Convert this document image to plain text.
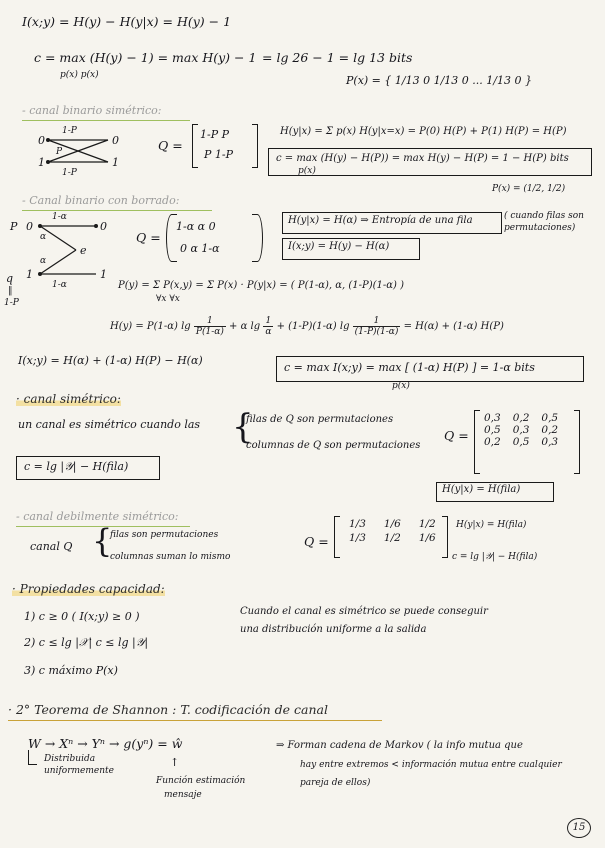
I(x;y) = H(y) − H(y|x) = H(y) − 1
c = max (H(y) − 1) = max H(y) − 1
p(x) p(x)
= lg 26 − 1 = lg 13 bits
P(x) = { 1/13 0 1/13 0 ... 1/13 0 }
- canal binario simétrico:
0
1
0
1
1-P
1-P
P	Q =
1-P P
P 1-P
H(y|x) = Σ p(x) H(y|x=x) = P(0) H(P) + P(1) H(P) = H(P)
c = max (H(y) − H(P)) = max H(y) − H(P) = 1 − H(P) bits
p(x)
P(x) = (1/2, 1/2)
- Canal binario con borrado:
P 0
1
0
1
e
1-α
1-α
α
α
q
‖
1-P
Q =
1-α α 0
0 α 1-α
H(y|x) = H(α) ⇒ Entropía de una fila	( cuando filas son permutaciones)
I(x;y) = H(y) − H(α)
P(y) = Σ P(x,y) = Σ P(x) · P(y|x) = ( P(1-α), α, (1-P)(1-α) )
∀x ∀x
H(y) = P(1-α) $\lg \frac{1}{P(1-\alpha)} + \alpha$ $\lg \frac{1}{\alpha} + (1-P)(1-\alpha)$ $\lg \frac{1}{(1-P)(1-\alpha)} = H(\alpha) + (1-\alpha)$ H(P)
I(x;y) = H(α) + (1-α) H(P) − H(α)
c = max I(x;y) = max [ (1-α) H(P) ] = 1-α bits
p(x)
· canal simétrico:
un canal es simétrico cuando las {
filas de Q son permutaciones
columnas de Q son permutaciones
c = lg |𝒴| − H(fila)
Q =
0,3	0,2	0,5
0,5	0,3	0,2
0,2	0,5	0,3
H(y|x) = H(fila)
- canal debilmente simétrico:
canal Q {
filas son permutaciones
columnas suman lo mismo
Q =
1/3	1/6	1/2
1/3	1/2	1/6
H(y|x) = H(fila)
c = lg |𝒴| − H(fila)
· Propiedades capacidad:
1) c ≥ 0 ( I(x;y) ≥ 0 )
2) c ≤ lg |𝒳| c ≤ lg |𝒴|
3) c máximo P(x)
Cuando el canal es simétrico se puede conseguir
una distribución uniforme a la salida
· 2° Teorema de Shannon : T. codificación de canal
W → Xⁿ → Yⁿ → g(yⁿ) = ŵ
Distribuida
uniformemente
↑
Función estimación
mensaje
⇒ Forman cadena de Markov ( la info mutua que
hay entre extremos < información mutua entre cualquier
pareja de ellos)
15
